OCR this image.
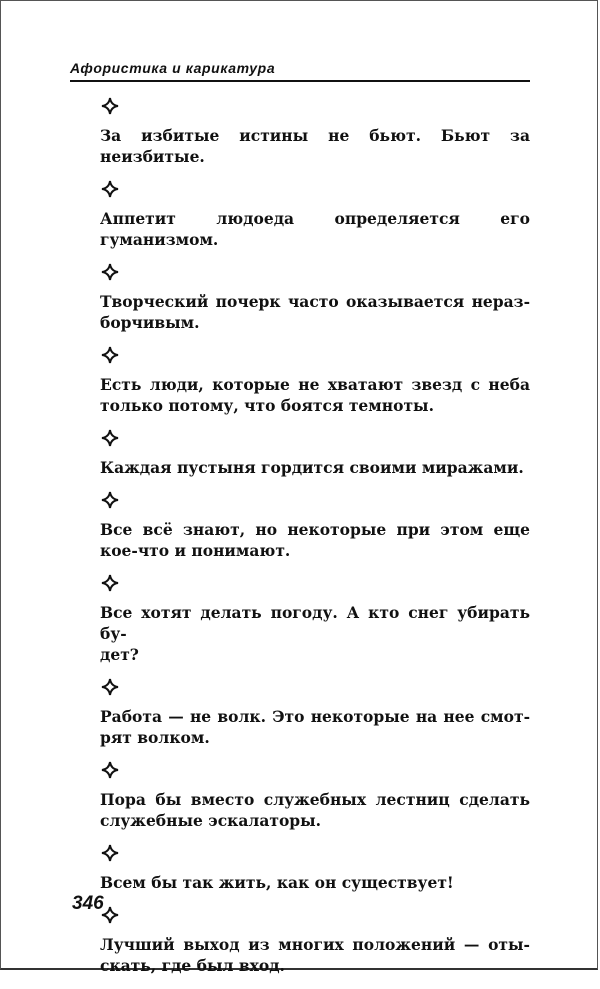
Афористика и карикатура

За избитые истины не бьют. Бьют за неизбитые.

Аппетит людоеда определяется его гуманизмом.

Творческий почерк часто оказывается нераз-
борчивым.

Есть люди, которые не хватают звезд с неба
только потому, что боятся темноты.

Каждая пустыня гордится своими миражами.

Все всё знают, но некоторые при этом еще
кое-что и понимают.

Все хотят делать погоду. А кто снег убирать бу-
дет?

Работа — не волк. Это некоторые на нее смот-
рят волком.

Пора бы вместо служебных лестниц сделать
служебные эскалаторы.

Всем бы так жить, как он существует!

Лучший выход из многих положений — оты-
скать, где был вход.

346
